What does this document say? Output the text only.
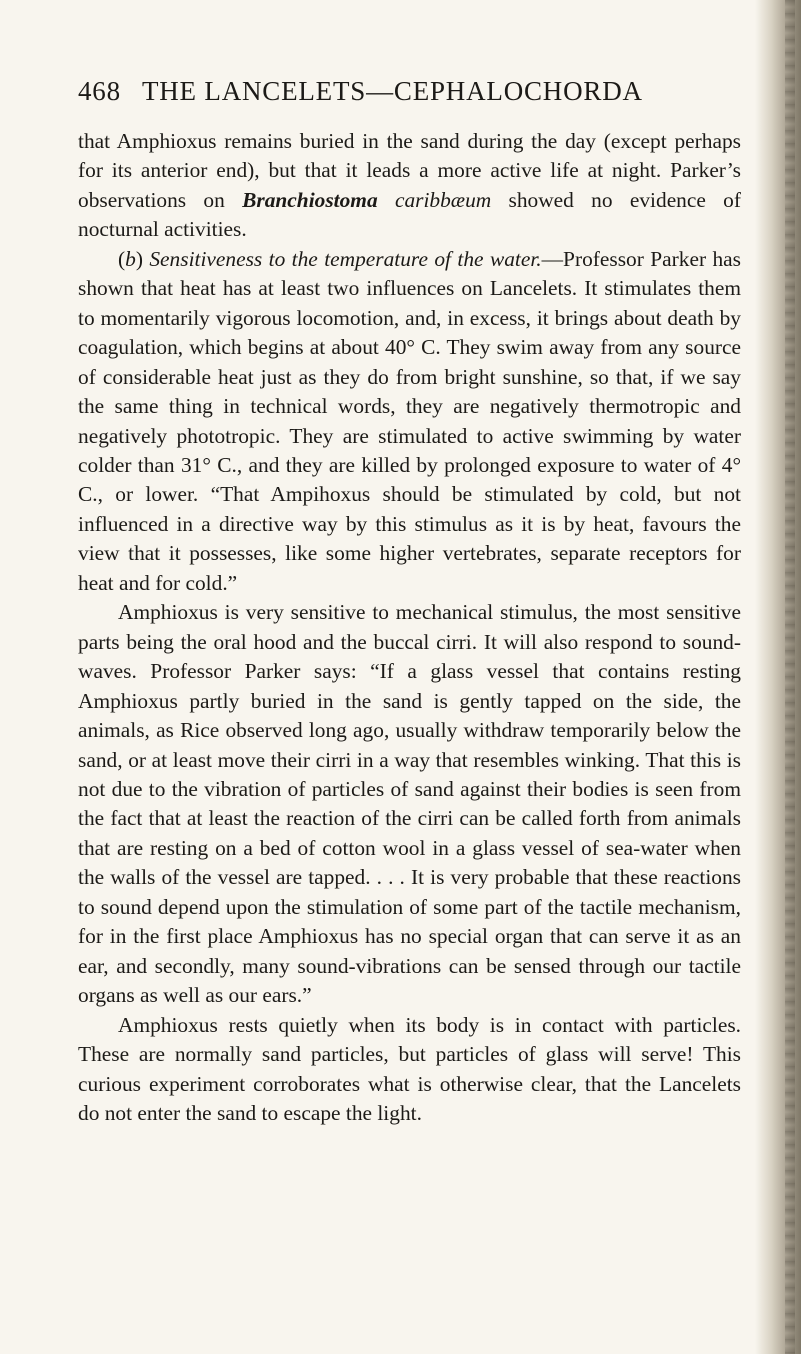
468 THE LANCELETS—CEPHALOCHORDA

that Amphioxus remains buried in the sand during the day (except perhaps for its anterior end), but that it leads a more active life at night. Parker’s observations on Branchiostoma caribbæum showed no evidence of nocturnal activities.

(b) Sensitiveness to the temperature of the water.—Professor Parker has shown that heat has at least two influences on Lancelets. It stimulates them to momentarily vigorous locomotion, and, in excess, it brings about death by coagulation, which begins at about 40° C. They swim away from any source of considerable heat just as they do from bright sunshine, so that, if we say the same thing in technical words, they are negatively thermotropic and negatively phototropic. They are stimulated to active swimming by water colder than 31° C., and they are killed by prolonged exposure to water of 4° C., or lower. “That Ampihoxus should be stimulated by cold, but not influenced in a directive way by this stimulus as it is by heat, favours the view that it possesses, like some higher vertebrates, separate receptors for heat and for cold.”

Amphioxus is very sensitive to mechanical stimulus, the most sensitive parts being the oral hood and the buccal cirri. It will also respond to sound-waves. Professor Parker says: “If a glass vessel that contains resting Amphioxus partly buried in the sand is gently tapped on the side, the animals, as Rice observed long ago, usually withdraw temporarily below the sand, or at least move their cirri in a way that resembles winking. That this is not due to the vibration of particles of sand against their bodies is seen from the fact that at least the reaction of the cirri can be called forth from animals that are resting on a bed of cotton wool in a glass vessel of sea-water when the walls of the vessel are tapped. . . . It is very probable that these reactions to sound depend upon the stimulation of some part of the tactile mechanism, for in the first place Amphioxus has no special organ that can serve it as an ear, and secondly, many sound-vibrations can be sensed through our tactile organs as well as our ears.”

Amphioxus rests quietly when its body is in contact with particles. These are normally sand particles, but particles of glass will serve! This curious experiment corroborates what is otherwise clear, that the Lancelets do not enter the sand to escape the light.
